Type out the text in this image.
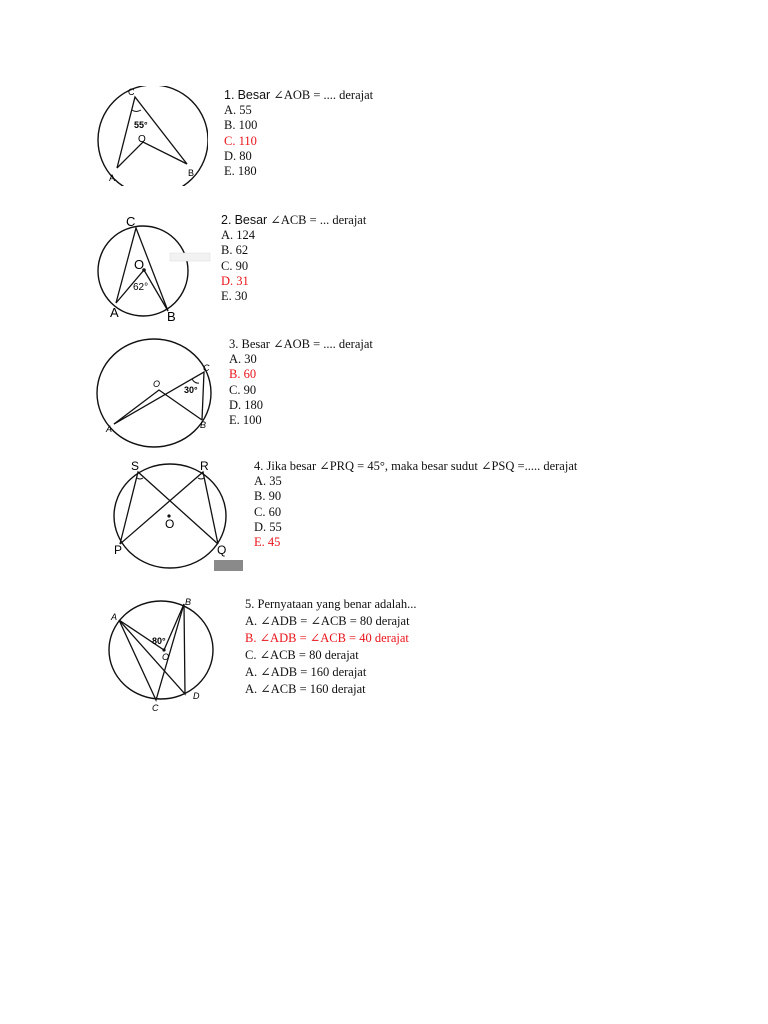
C
A	B
O
55°
1. Besar ∠AOB = .... derajat
A. 55
B. 100
C. 110
D. 80
E. 180
C
O
A	B
62°
2. Besar ∠ACB = ... derajat
A. 124
B. 62
C. 90
D. 31
E. 30
O
C
A	B
30°
3. Besar ∠AOB = .... derajat
A. 30
B. 60
C. 90
D. 180
E. 100
S	R
O
P	Q
4. Jika besar ∠PRQ = 45°, maka besar sudut ∠PSQ =..... derajat
A. 35
B. 90
C. 60
D. 55
E. 45
A
B
O
C
D
80°
5. Pernyataan yang benar adalah...
A. ∠ADB = ∠ACB = 80 derajat
B. ∠ADB = ∠ACB = 40 derajat
C. ∠ACB = 80 derajat
A. ∠ADB = 160 derajat
A. ∠ACB = 160 derajat
